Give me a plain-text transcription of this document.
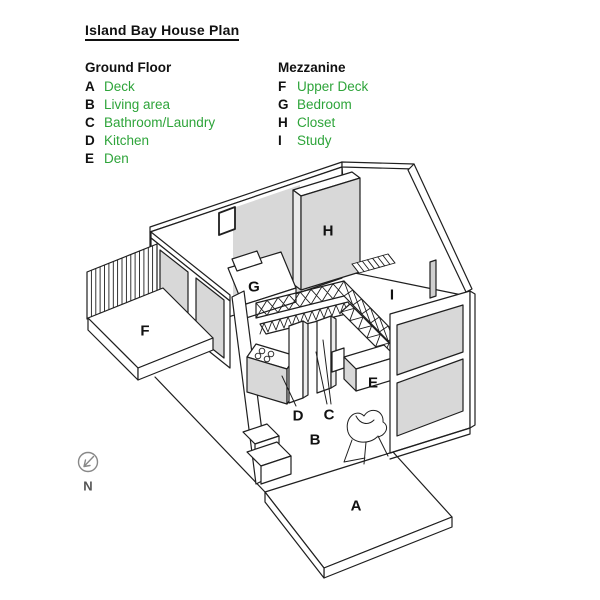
Island Bay House Plan
Ground Floor
A Deck
B Living area
C Bathroom/Laundry
D Kitchen
E Den
Mezzanine
F Upper Deck
G Bedroom
H Closet
I	Study
A
B
C
D
E
F
G
H
I
N
